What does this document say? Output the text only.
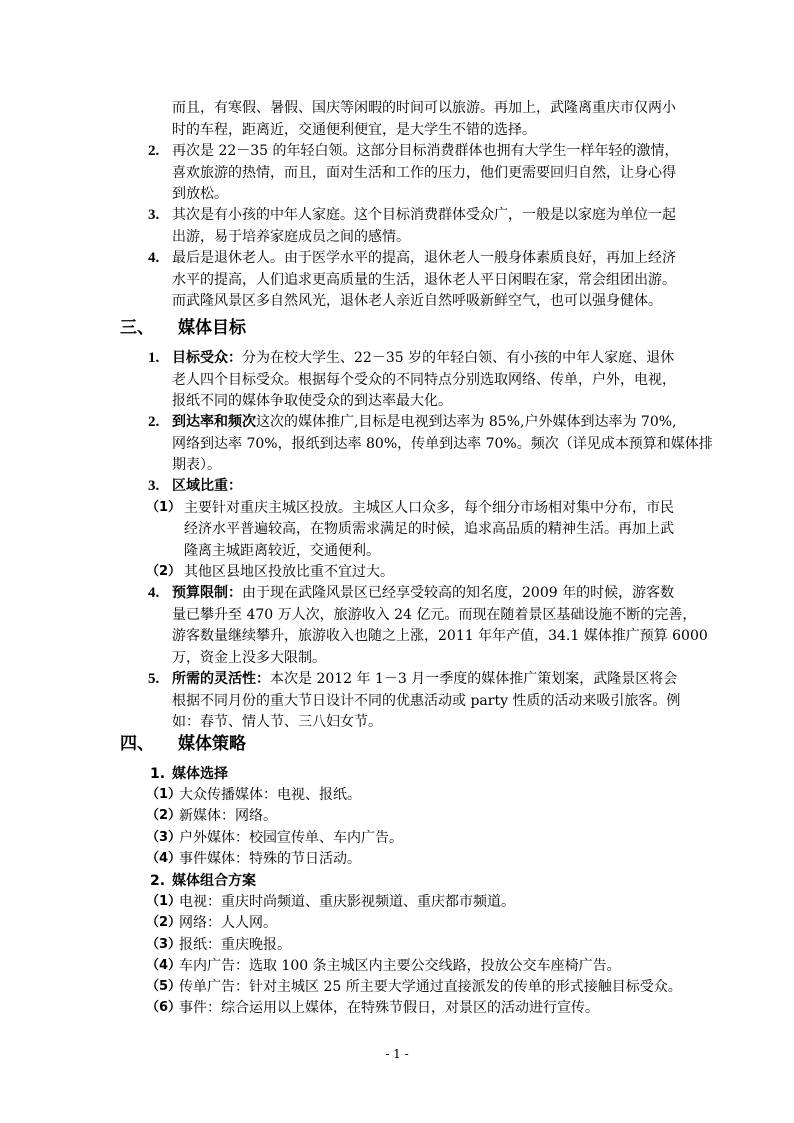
而且，有寒假、暑假、国庆等闲暇的时间可以旅游。再加上，武隆离重庆市仅两小
时的车程，距离近，交通便利便宜，是大学生不错的选择。
2. 再次是 22－35 的年轻白领。这部分目标消费群体也拥有大学生一样年轻的激情，
喜欢旅游的热情，而且，面对生活和工作的压力，他们更需要回归自然，让身心得
到放松。
3. 其次是有小孩的中年人家庭。这个目标消费群体受众广，一般是以家庭为单位一起
出游，易于培养家庭成员之间的感情。
4. 最后是退休老人。由于医学水平的提高，退休老人一般身体素质良好，再加上经济
水平的提高，人们追求更高质量的生活，退休老人平日闲暇在家，常会组团出游。
而武隆风景区多自然风光，退休老人亲近自然呼吸新鲜空气，也可以强身健体。
三、 媒体目标
1. 目标受众：分为在校大学生、22－35 岁的年轻白领、有小孩的中年人家庭、退休
老人四个目标受众。根据每个受众的不同特点分别选取网络、传单，户外，电视，
报纸不同的媒体争取使受众的到达率最大化。
2. 到达率和频次这次的媒体推广,目标是电视到达率为 85%,户外媒体到达率为 70%,
网络到达率 70%，报纸到达率 80%，传单到达率 70%。频次（详见成本预算和媒体排
期表）。
3. 区域比重：
（1） 主要针对重庆主城区投放。主城区人口众多，每个细分市场相对集中分布，市民
经济水平普遍较高，在物质需求满足的时候，追求高品质的精神生活。再加上武
隆离主城距离较近，交通便利。
（2） 其他区县地区投放比重不宜过大。
4. 预算限制：由于现在武隆风景区已经享受较高的知名度，2009 年的时候，游客数
量已攀升至 470 万人次，旅游收入 24 亿元。而现在随着景区基础设施不断的完善，
游客数量继续攀升，旅游收入也随之上涨，2011 年年产值，34.1 媒体推广预算 6000
万，资金上没多大限制。
5. 所需的灵活性：本次是 2012 年 1－3 月一季度的媒体推广策划案，武隆景区将会
根据不同月份的重大节日设计不同的优惠活动或 party 性质的活动来吸引旅客。例
如：春节、情人节、三八妇女节。
四、 媒体策略
1. 媒体选择
（1）
大众传播媒体：电视、报纸。
（2）
新媒体：网络。
（3）
户外媒体：校园宣传单、车内广告。
（4）
事件媒体：特殊的节日活动。
2. 媒体组合方案
（1）
电视：重庆时尚频道、重庆影视频道、重庆都市频道。
（2）
网络：人人网。
（3）
报纸：重庆晚报。
（4）
车内广告：选取 100 条主城区内主要公交线路，投放公交车座椅广告。
（5）
传单广告：针对主城区 25 所主要大学通过直接派发的传单的形式接触目标受众。
（6）
事件：综合运用以上媒体，在特殊节假日，对景区的活动进行宣传。
- 1 -
